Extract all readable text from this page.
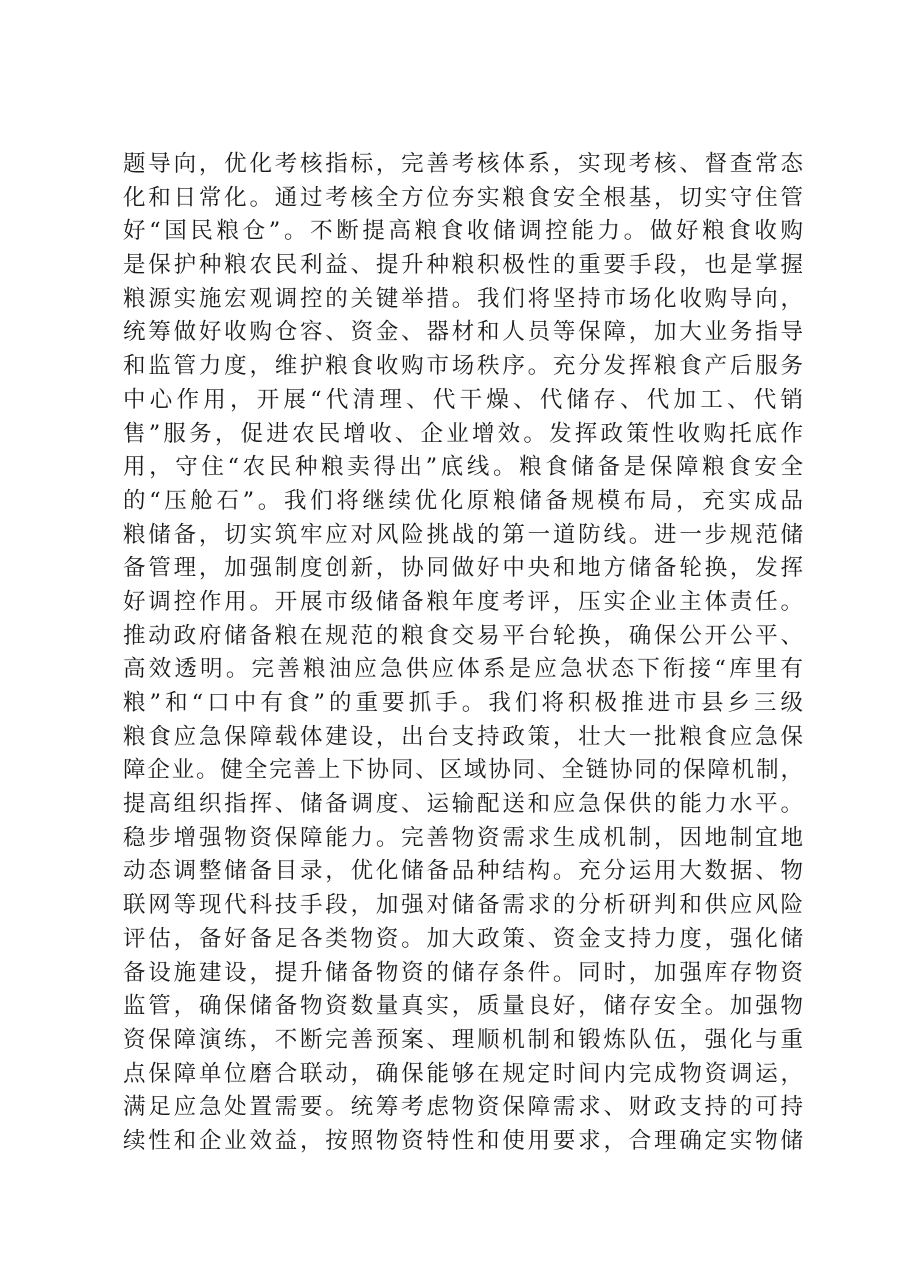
题导向，优化考核指标，完善考核体系，实现考核、督查常态
化和日常化。通过考核全方位夯实粮食安全根基，切实守住管
好“国民粮仓”。不断提高粮食收储调控能力。做好粮食收购
是保护种粮农民利益、提升种粮积极性的重要手段，也是掌握
粮源实施宏观调控的关键举措。我们将坚持市场化收购导向，
统筹做好收购仓容、资金、器材和人员等保障，加大业务指导
和监管力度，维护粮食收购市场秩序。充分发挥粮食产后服务
中心作用，开展“代清理、代干燥、代储存、代加工、代销
售”服务，促进农民增收、企业增效。发挥政策性收购托底作
用，守住“农民种粮卖得出”底线。粮食储备是保障粮食安全
的“压舱石”。我们将继续优化原粮储备规模布局，充实成品
粮储备，切实筑牢应对风险挑战的第一道防线。进一步规范储
备管理，加强制度创新，协同做好中央和地方储备轮换，发挥
好调控作用。开展市级储备粮年度考评，压实企业主体责任。
推动政府储备粮在规范的粮食交易平台轮换，确保公开公平、
高效透明。完善粮油应急供应体系是应急状态下衔接“库里有
粮”和“口中有食”的重要抓手。我们将积极推进市县乡三级
粮食应急保障载体建设，出台支持政策，壮大一批粮食应急保
障企业。健全完善上下协同、区域协同、全链协同的保障机制，
提高组织指挥、储备调度、运输配送和应急保供的能力水平。
稳步增强物资保障能力。完善物资需求生成机制，因地制宜地
动态调整储备目录，优化储备品种结构。充分运用大数据、物
联网等现代科技手段，加强对储备需求的分析研判和供应风险
评估，备好备足各类物资。加大政策、资金支持力度，强化储
备设施建设，提升储备物资的储存条件。同时，加强库存物资
监管，确保储备物资数量真实，质量良好，储存安全。加强物
资保障演练，不断完善预案、理顺机制和锻炼队伍，强化与重
点保障单位磨合联动，确保能够在规定时间内完成物资调运，
满足应急处置需要。统筹考虑物资保障需求、财政支持的可持
续性和企业效益，按照物资特性和使用要求，合理确定实物储
